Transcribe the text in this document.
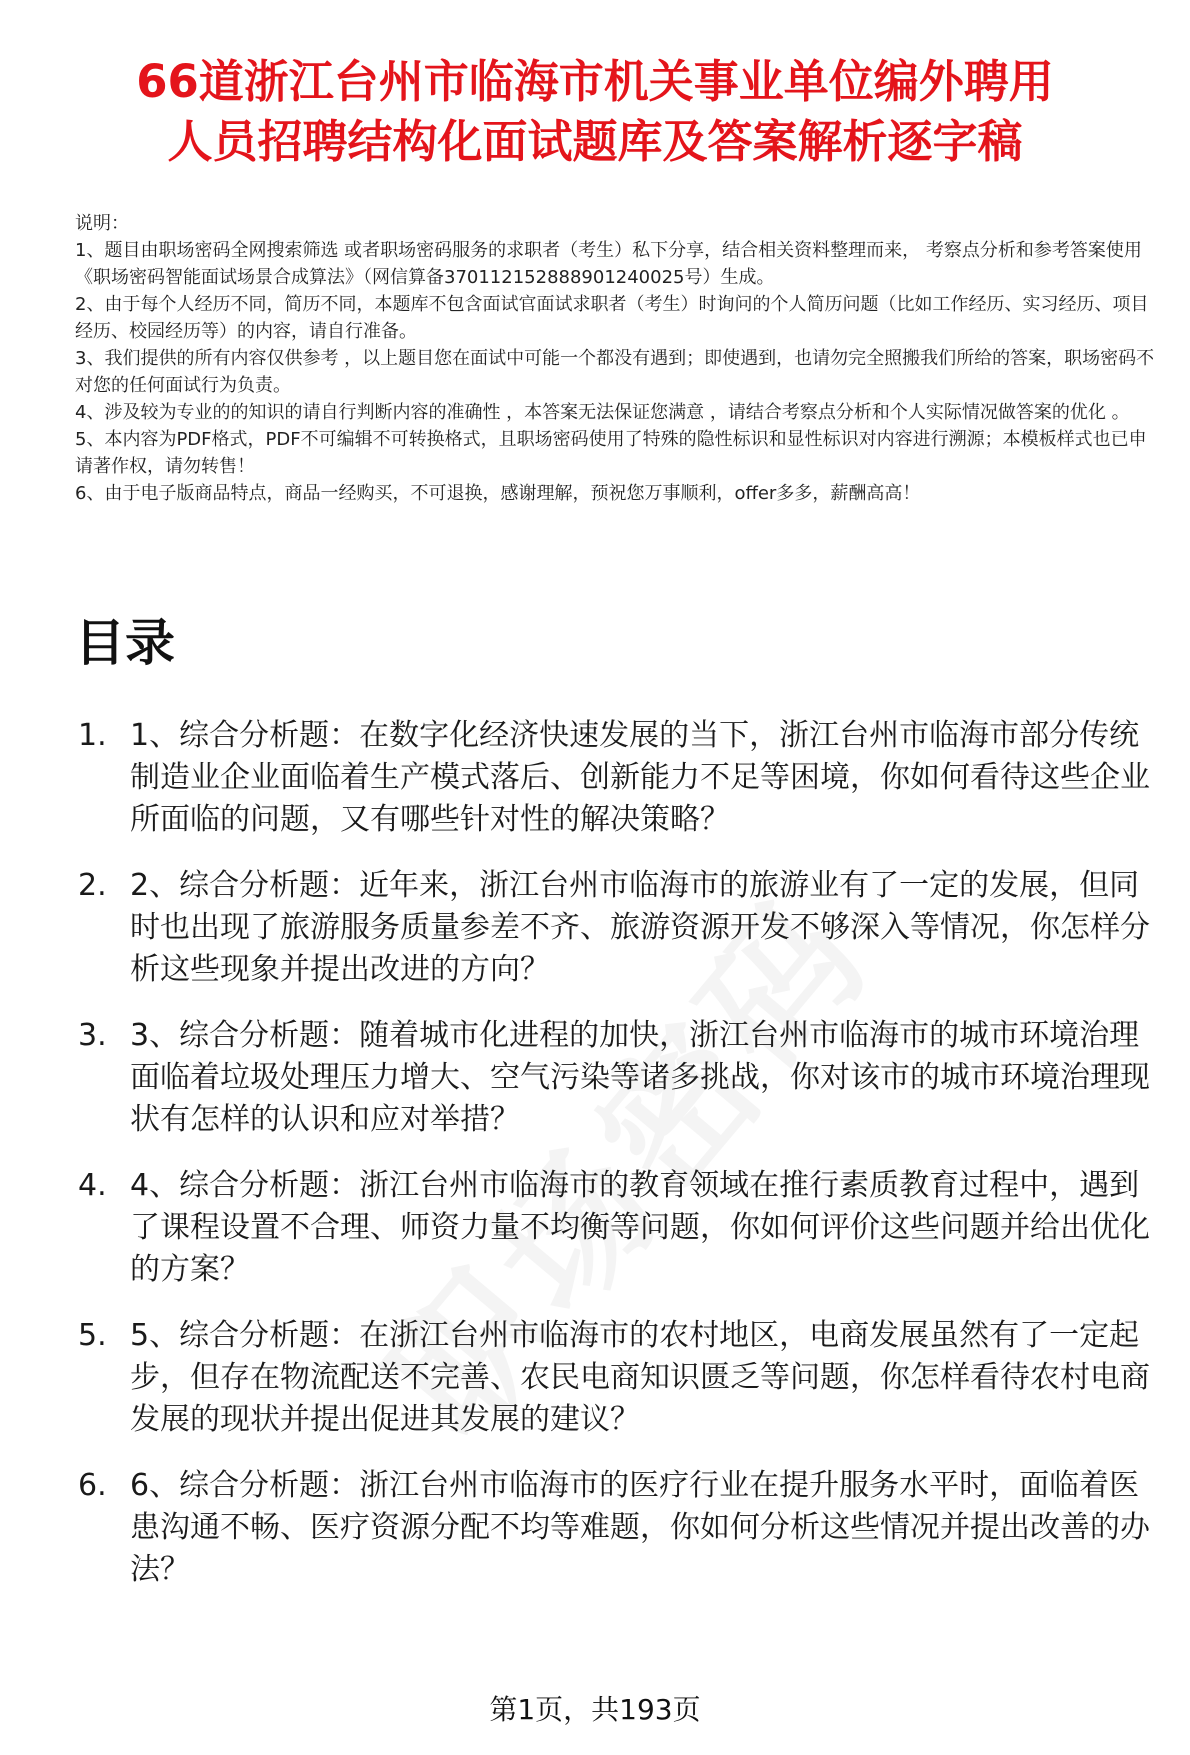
66道浙江台州市临海市机关事业单位编外聘用
人员招聘结构化面试题库及答案解析逐字稿
说明：
1、题目由职场密码全网搜索筛选 或者职场密码服务的求职者（考生）私下分享，结合相关资料整理而来， 考察点分析和参考答案使用《职场密码智能面试场景合成算法》（网信算备370112152888901240025号）生成。
2、由于每个人经历不同，简历不同，本题库不包含面试官面试求职者（考生）时询问的个人简历问题（比如工作经历、实习经历、项目经历、校园经历等）的内容，请自行准备。
3、我们提供的所有内容仅供参考 ，以上题目您在面试中可能一个都没有遇到；即使遇到，也请勿完全照搬我们所给的答案，职场密码不对您的任何面试行为负责。
4、涉及较为专业的的知识的请自行判断内容的准确性 ，本答案无法保证您满意 ，请结合考察点分析和个人实际情况做答案的优化 。
5、本内容为PDF格式，PDF不可编辑不可转换格式，且职场密码使用了特殊的隐性标识和显性标识对内容进行溯源；本模板样式也已申请著作权，请勿转售！
6、由于电子版商品特点，商品一经购买，不可退换，感谢理解，预祝您万事顺利，offer多多，薪酬高高！
目录
1. 1、综合分析题：在数字化经济快速发展的当下，浙江台州市临海市部分传统制造业企业面临着生产模式落后、创新能力不足等困境，你如何看待这些企业所面临的问题，又有哪些针对性的解决策略？
2. 2、综合分析题：近年来，浙江台州市临海市的旅游业有了一定的发展，但同时也出现了旅游服务质量参差不齐、旅游资源开发不够深入等情况，你怎样分析这些现象并提出改进的方向？
3. 3、综合分析题：随着城市化进程的加快，浙江台州市临海市的城市环境治理面临着垃圾处理压力增大、空气污染等诸多挑战，你对该市的城市环境治理现状有怎样的认识和应对举措？
4. 4、综合分析题：浙江台州市临海市的教育领域在推行素质教育过程中，遇到了课程设置不合理、师资力量不均衡等问题，你如何评价这些问题并给出优化的方案？
5. 5、综合分析题：在浙江台州市临海市的农村地区，电商发展虽然有了一定起步，但存在物流配送不完善、农民电商知识匮乏等问题，你怎样看待农村电商发展的现状并提出促进其发展的建议？
6. 6、综合分析题：浙江台州市临海市的医疗行业在提升服务水平时，面临着医患沟通不畅、医疗资源分配不均等难题，你如何分析这些情况并提出改善的办法？
第1页，共193页
